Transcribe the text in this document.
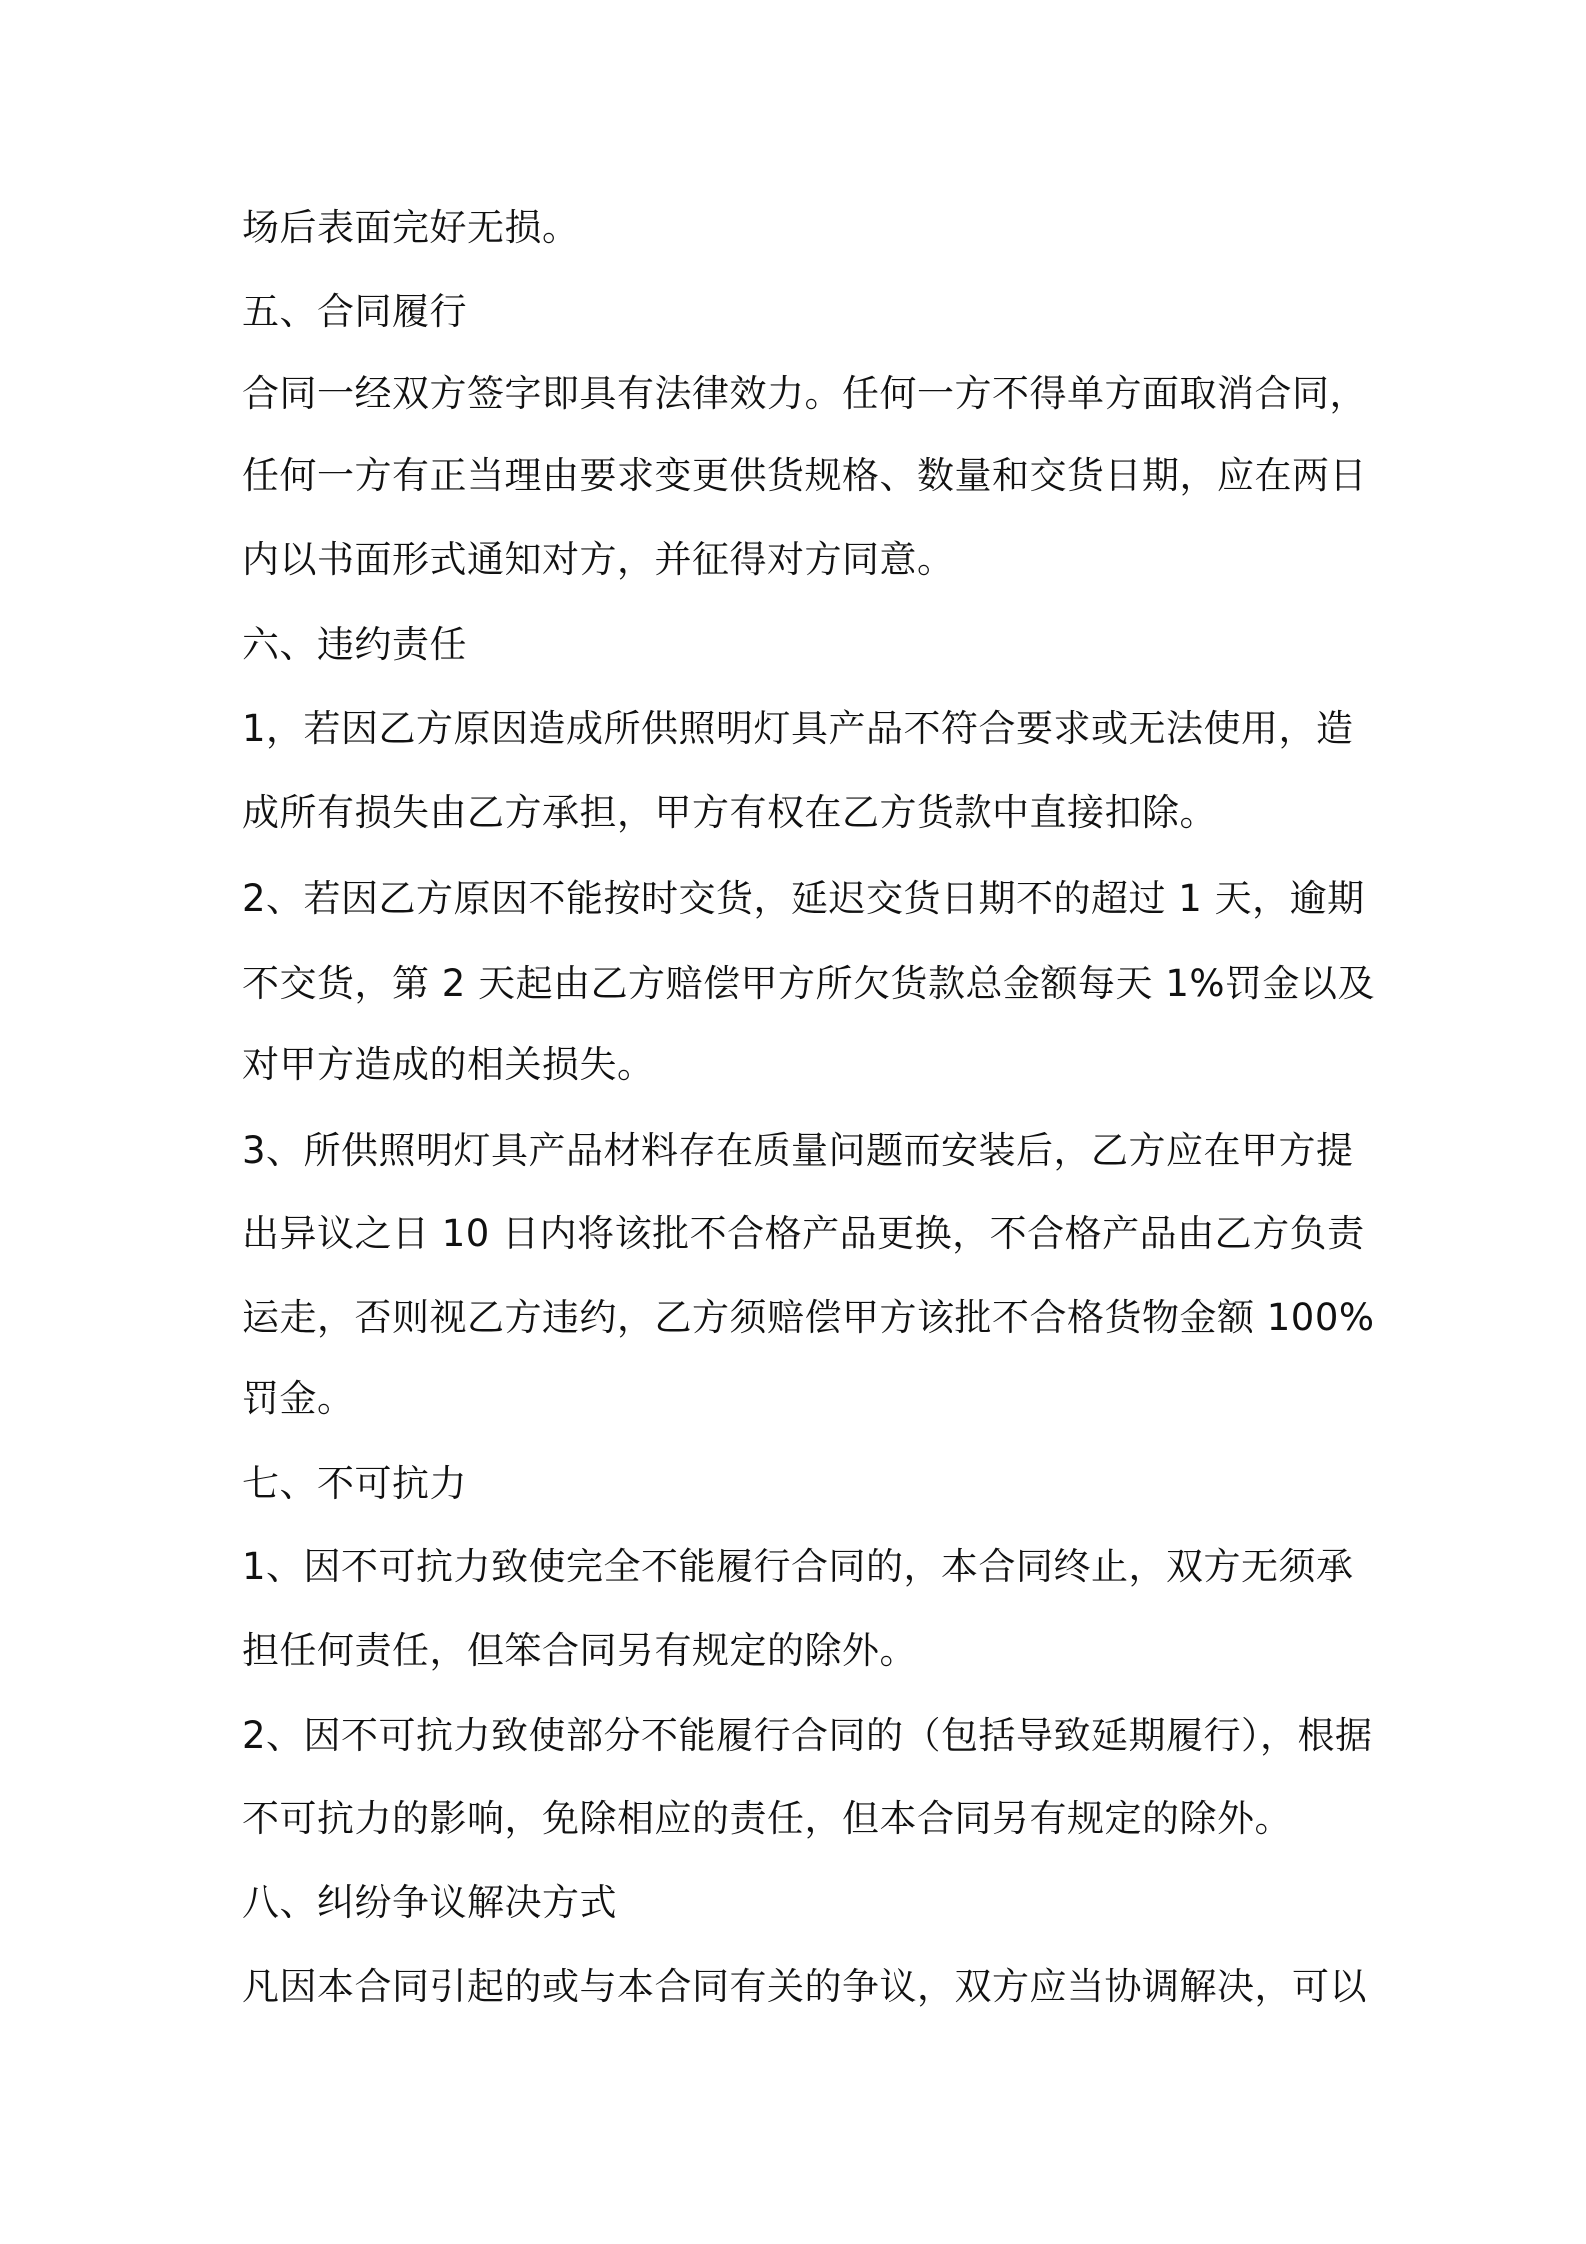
场后表面完好无损。
五、合同履行
合同一经双方签字即具有法律效力。任何一方不得单方面取消合同，
任何一方有正当理由要求变更供货规格、数量和交货日期，应在两日
内以书面形式通知对方，并征得对方同意。
六、违约责任
1，若因乙方原因造成所供照明灯具产品不符合要求或无法使用，造
成所有损失由乙方承担，甲方有权在乙方货款中直接扣除。
2、若因乙方原因不能按时交货，延迟交货日期不的超过 1 天，逾期
不交货，第 2 天起由乙方赔偿甲方所欠货款总金额每天 1%罚金以及
对甲方造成的相关损失。
3、所供照明灯具产品材料存在质量问题而安装后，乙方应在甲方提
出异议之日 10 日内将该批不合格产品更换，不合格产品由乙方负责
运走，否则视乙方违约，乙方须赔偿甲方该批不合格货物金额 100%
罚金。
七、不可抗力
1、因不可抗力致使完全不能履行合同的，本合同终止，双方无须承
担任何责任，但笨合同另有规定的除外。
2、因不可抗力致使部分不能履行合同的（包括导致延期履行），根据
不可抗力的影响，免除相应的责任，但本合同另有规定的除外。
八、纠纷争议解决方式
凡因本合同引起的或与本合同有关的争议，双方应当协调解决，可以
